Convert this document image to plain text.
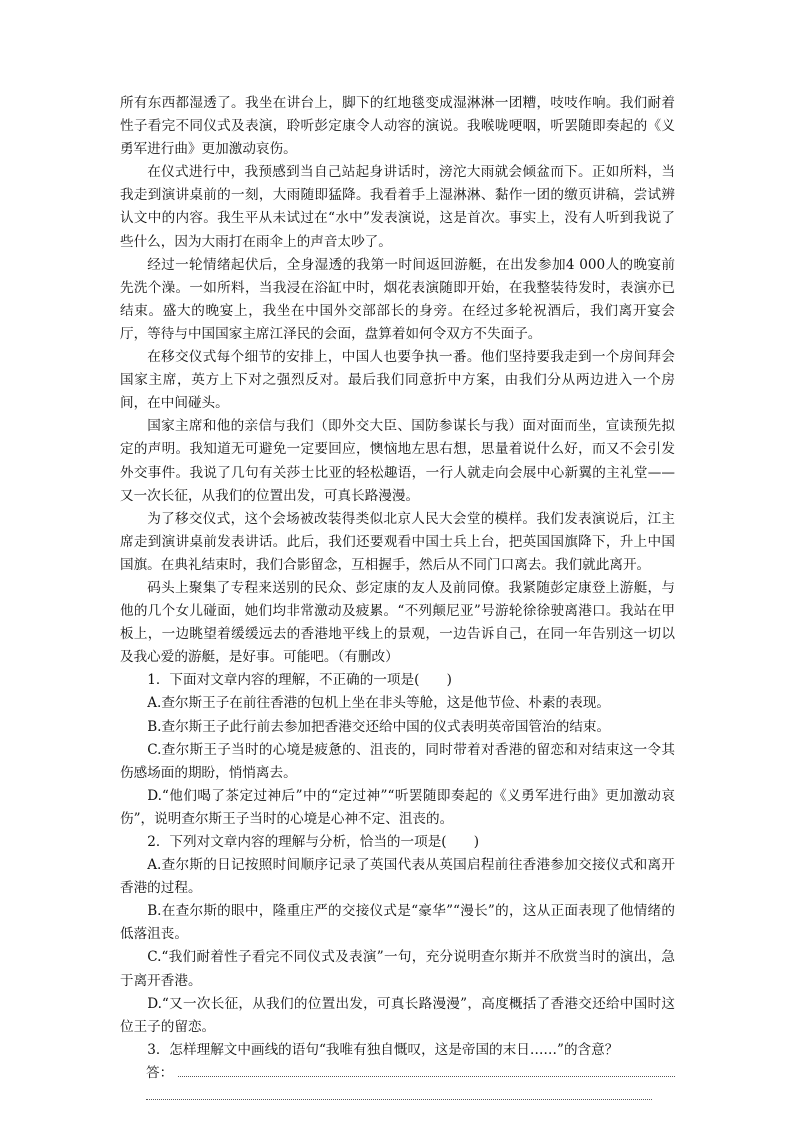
所有东西都湿透了。我坐在讲台上，脚下的红地毯变成湿淋淋一团糟，吱吱作响。我们耐着性子看完不同仪式及表演，聆听彭定康令人动容的演说。我喉咙哽咽，听罢随即奏起的《义勇军进行曲》更加激动哀伤。

在仪式进行中，我预感到当自己站起身讲话时，滂沱大雨就会倾盆而下。正如所料，当我走到演讲桌前的一刻，大雨随即猛降。我看着手上湿淋淋、黏作一团的缴页讲稿，尝试辨认文中的内容。我生平从未试过在“水中”发表演说，这是首次。事实上，没有人听到我说了些什么，因为大雨打在雨伞上的声音太吵了。

经过一轮情绪起伏后，全身湿透的我第一时间返回游艇，在出发参加4 000人的晚宴前先洗个澡。一如所料，当我浸在浴缸中时，烟花表演随即开始，在我整装待发时，表演亦已结束。盛大的晚宴上，我坐在中国外交部部长的身旁。在经过多轮祝酒后，我们离开宴会厅，等待与中国国家主席江泽民的会面，盘算着如何令双方不失面子。

在移交仪式每个细节的安排上，中国人也要争执一番。他们坚持要我走到一个房间拜会国家主席，英方上下对之强烈反对。最后我们同意折中方案，由我们分从两边进入一个房间，在中间碰头。

国家主席和他的亲信与我们（即外交大臣、国防参谋长与我）面对面而坐，宣读预先拟定的声明。我知道无可避免一定要回应，懊恼地左思右想，思量着说什么好，而又不会引发外交事件。我说了几句有关莎士比亚的轻松趣语，一行人就走向会展中心新翼的主礼堂——又一次长征，从我们的位置出发，可真长路漫漫。

为了移交仪式，这个会场被改装得类似北京人民大会堂的模样。我们发表演说后，江主席走到演讲桌前发表讲话。此后，我们还要观看中国士兵上台，把英国国旗降下，升上中国国旗。在典礼结束时，我们合影留念，互相握手，然后从不同门口离去。我们就此离开。

码头上聚集了专程来送别的民众、彭定康的友人及前同僚。我紧随彭定康登上游艇，与他的几个女儿碰面，她们均非常激动及疲累。“不列颠尼亚”号游轮徐徐驶离港口。我站在甲板上，一边眺望着缓缓远去的香港地平线上的景观，一边告诉自己，在同一年告别这一切以及我心爱的游艇，是好事。可能吧。（有删改）

1．下面对文章内容的理解，不正确的一项是(　　)

A.查尔斯王子在前往香港的包机上坐在非头等舱，这是他节俭、朴素的表现。

B.查尔斯王子此行前去参加把香港交还给中国的仪式表明英帝国管治的结束。

C.查尔斯王子当时的心境是疲惫的、沮丧的，同时带着对香港的留恋和对结束这一令其伤感场面的期盼，悄悄离去。

D.“他们喝了茶定过神后”中的“定过神”“听罢随即奏起的《义勇军进行曲》更加激动哀伤”，说明查尔斯王子当时的心境是心神不定、沮丧的。

2．下列对文章内容的理解与分析，恰当的一项是(　　)

A.查尔斯的日记按照时间顺序记录了英国代表从英国启程前往香港参加交接仪式和离开香港的过程。

B.在查尔斯的眼中，隆重庄严的交接仪式是“豪华”“漫长”的，这从正面表现了他情绪的低落沮丧。

C.“我们耐着性子看完不同仪式及表演”一句，充分说明查尔斯并不欣赏当时的演出，急于离开香港。

D.“又一次长征，从我们的位置出发，可真长路漫漫”，高度概括了香港交还给中国时这位王子的留恋。

3．怎样理解文中画线的语句“我唯有独自慨叹，这是帝国的末日……”的含意？

答：
